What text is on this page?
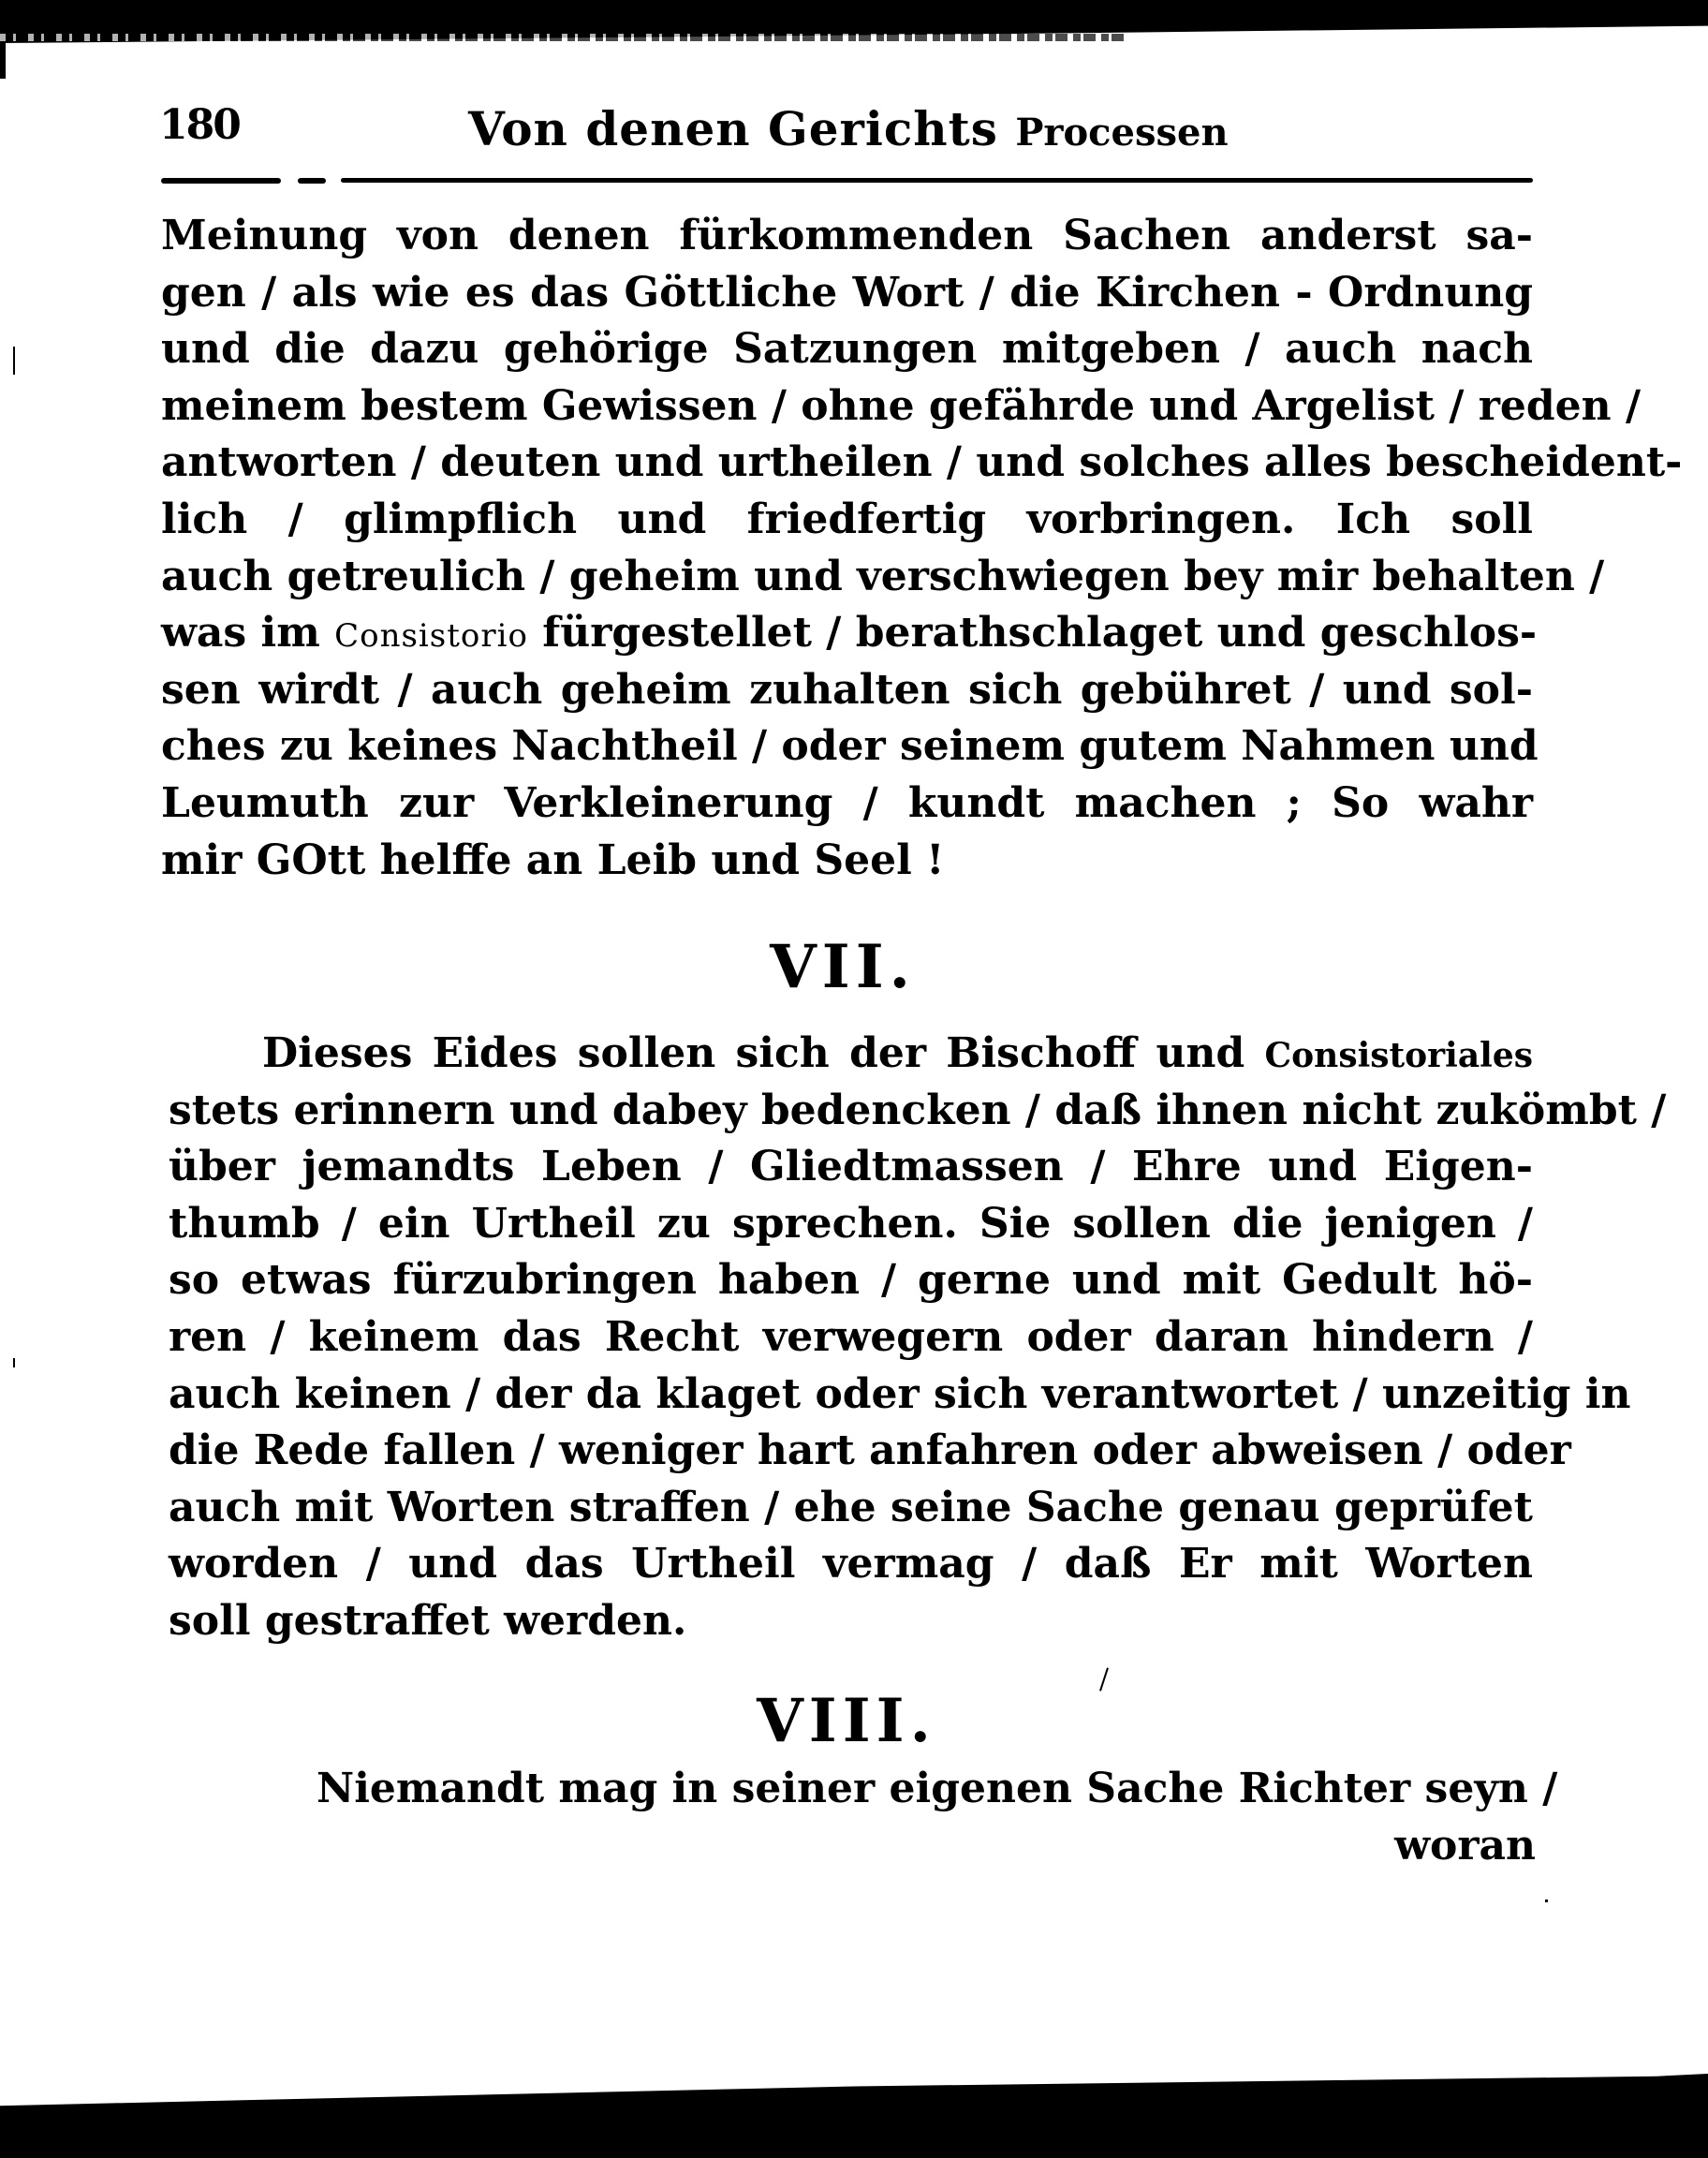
180	Von denen Gerichts Processen
Meinung von denen fürkommenden Sachen anderst sa-
gen / als wie es das Göttliche Wort / die Kirchen - Ordnung
und die dazu gehörige Satzungen mitgeben / auch nach
meinem bestem Gewissen / ohne gefährde und Argelist / reden /
antworten / deuten und urtheilen / und solches alles bescheident-
lich / glimpflich und friedfertig vorbringen. Ich soll
auch getreulich / geheim und verschwiegen bey mir behalten /
was im Consistorio fürgestellet / berathschlaget und geschlos-
sen wirdt / auch geheim zuhalten sich gebühret / und sol-
ches zu keines Nachtheil / oder seinem gutem Nahmen und
Leumuth zur Verkleinerung / kundt machen ; So wahr
mir GOtt helffe an Leib und Seel !
VII.
Dieses Eides sollen sich der Bischoff und Consistoriales
stets erinnern und dabey bedencken / daß ihnen nicht zukömbt /
über jemandts Leben / Gliedtmassen / Ehre und Eigen-
thumb / ein Urtheil zu sprechen. Sie sollen die jenigen /
so etwas fürzubringen haben / gerne und mit Gedult hö-
ren / keinem das Recht verwegern oder daran hindern /
auch keinen / der da klaget oder sich verantwortet / unzeitig in
die Rede fallen / weniger hart anfahren oder abweisen / oder
auch mit Worten straffen / ehe seine Sache genau geprüfet
worden / und das Urtheil vermag / daß Er mit Worten
soll gestraffet werden.
VIII.
Niemandt mag in seiner eigenen Sache Richter seyn /
woran
